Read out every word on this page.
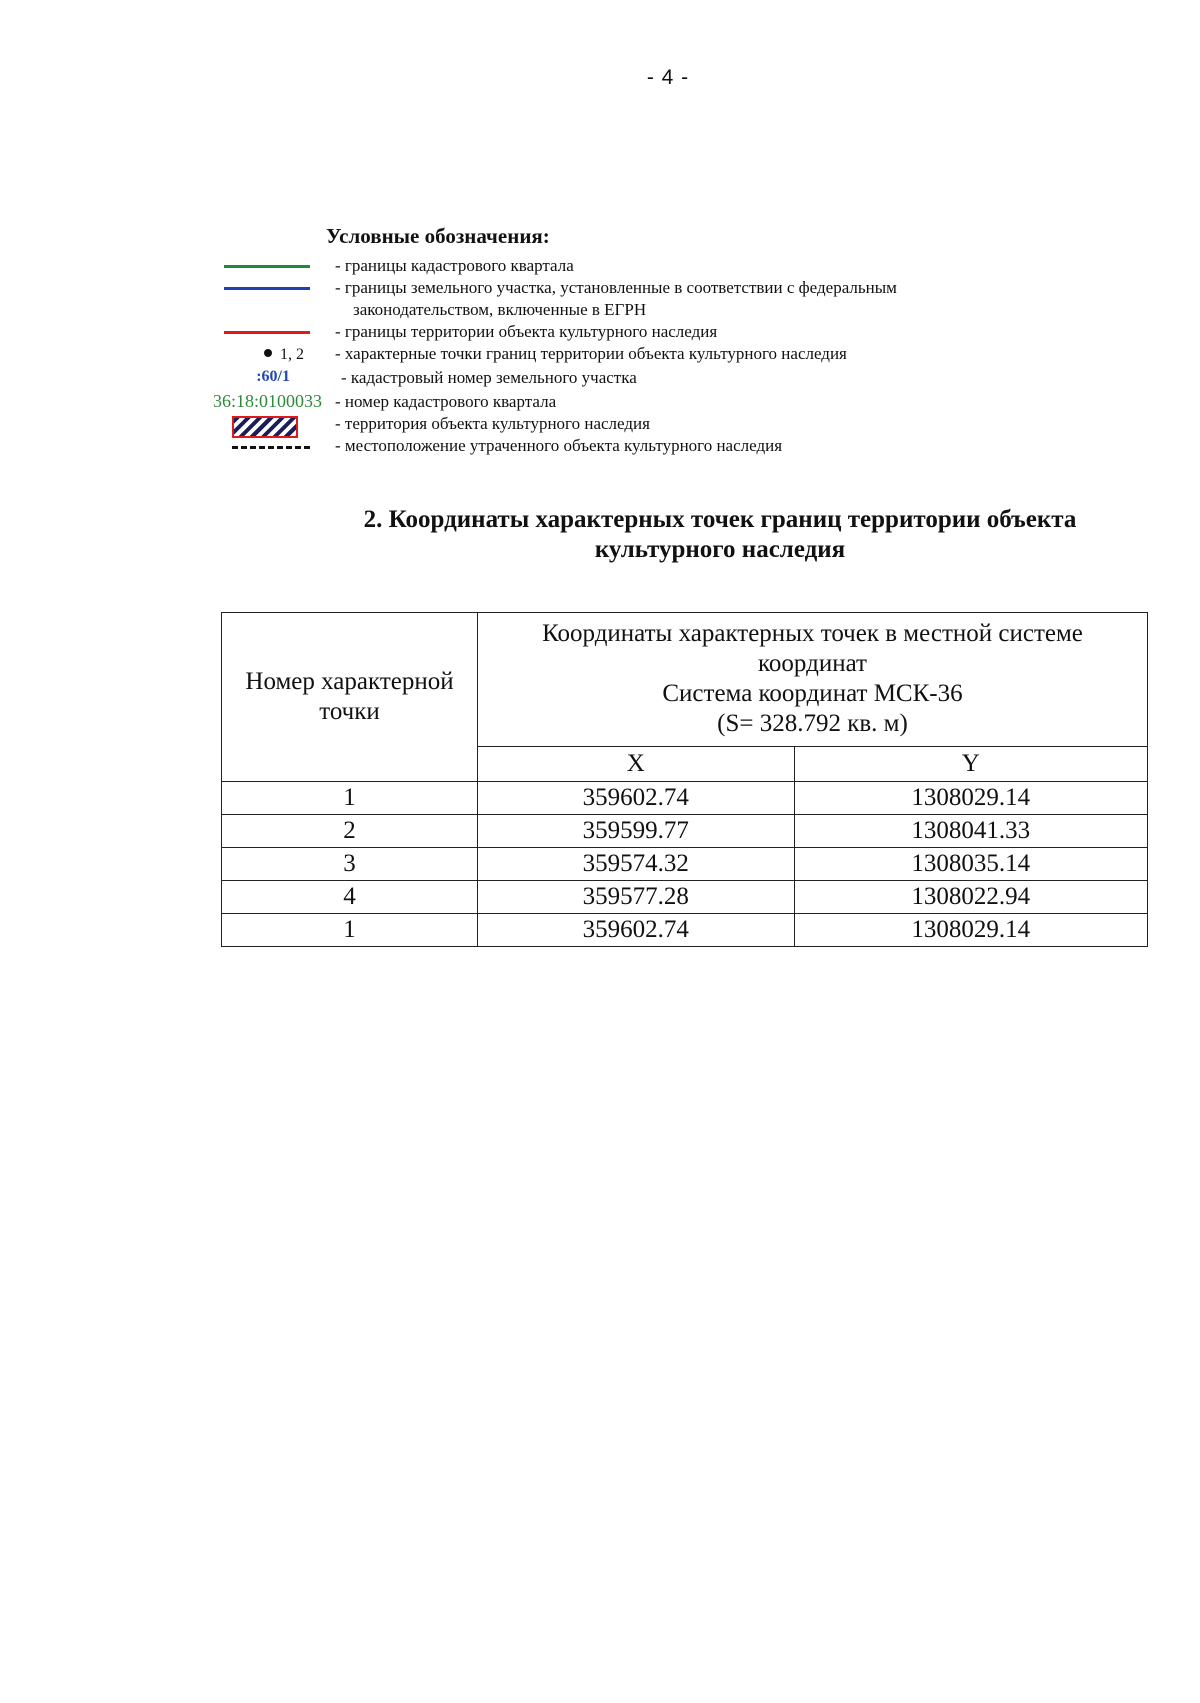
- 4 -
Условные обозначения:
- границы кадастрового квартала
- границы земельного участка, установленные в соответствии с федеральным
законодательством, включенные в ЕГРН
- границы территории объекта культурного наследия
1, 2 - характерные точки границ территории объекта культурного наследия
:60/1	- кадастровый номер земельного участка
36:18:0100033 - номер кадастрового квартала
- территория объекта культурного наследия
- местоположение утраченного объекта культурного наследия
2. Координаты характерных точек границ территории объекта
культурного наследия
Номер характерной точки	Координаты характерных точек в местной системе
координат
Система координат МСК-36
(S= 328.792 кв. м)	

	X	Y
1	359602.74	1308029.14
2	359599.77	1308041.33
3	359574.32	1308035.14
4	359577.28	1308022.94
1	359602.74	1308029.14
